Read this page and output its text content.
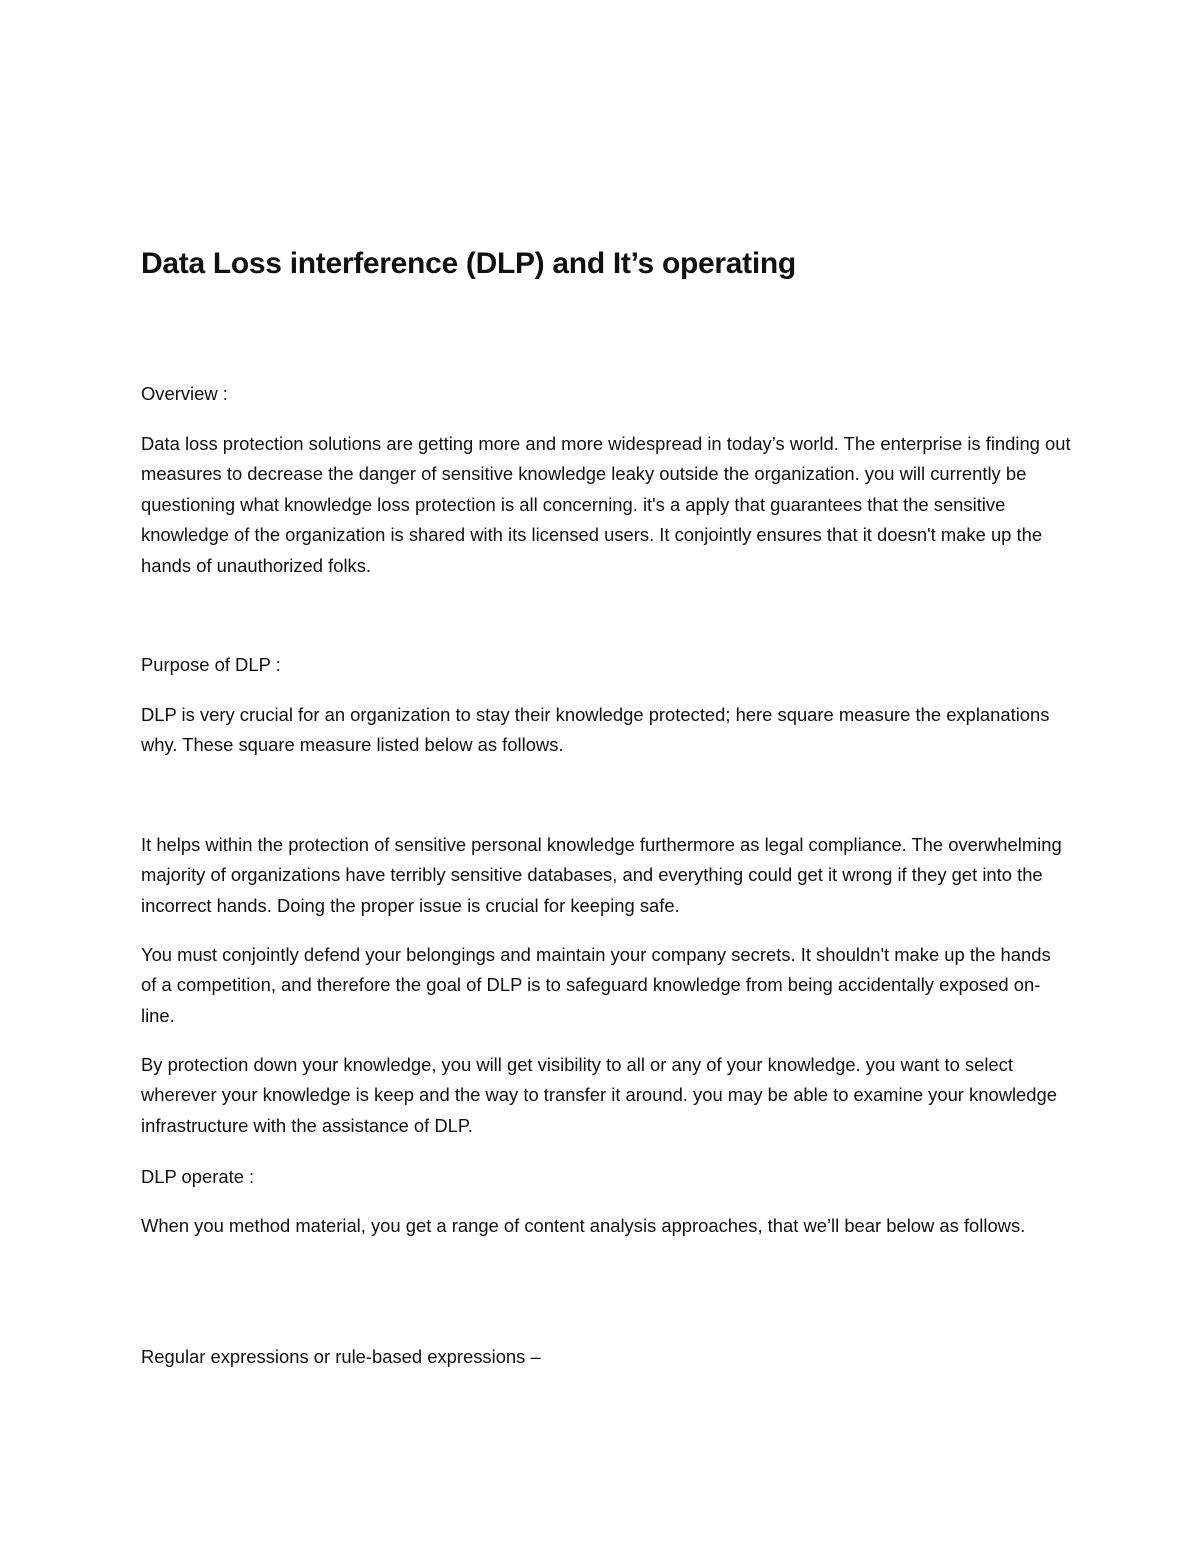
Data Loss interference (DLP) and It’s operating

Overview :

Data loss protection solutions are getting more and more widespread in today’s world. The enterprise is finding out measures to decrease the danger of sensitive knowledge leaky outside the organization. you will currently be questioning what knowledge loss protection is all concerning. it's a apply that guarantees that the sensitive knowledge of the organization is shared with its licensed users. It conjointly ensures that it doesn't make up the hands of unauthorized folks.

Purpose of DLP :

DLP is very crucial for an organization to stay their knowledge protected; here square measure the explanations why. These square measure listed below as follows.

It helps within the protection of sensitive personal knowledge furthermore as legal compliance. The overwhelming majority of organizations have terribly sensitive databases, and everything could get it wrong if they get into the incorrect hands. Doing the proper issue is crucial for keeping safe.

You must conjointly defend your belongings and maintain your company secrets. It shouldn't make up the hands of a competition, and therefore the goal of DLP is to safeguard knowledge from being accidentally exposed on-line.

By protection down your knowledge, you will get visibility to all or any of your knowledge. you want to select wherever your knowledge is keep and the way to transfer it around. you may be able to examine your knowledge infrastructure with the assistance of DLP.

DLP operate :

When you method material, you get a range of content analysis approaches, that we’ll bear below as follows.

Regular expressions or rule-based expressions –
